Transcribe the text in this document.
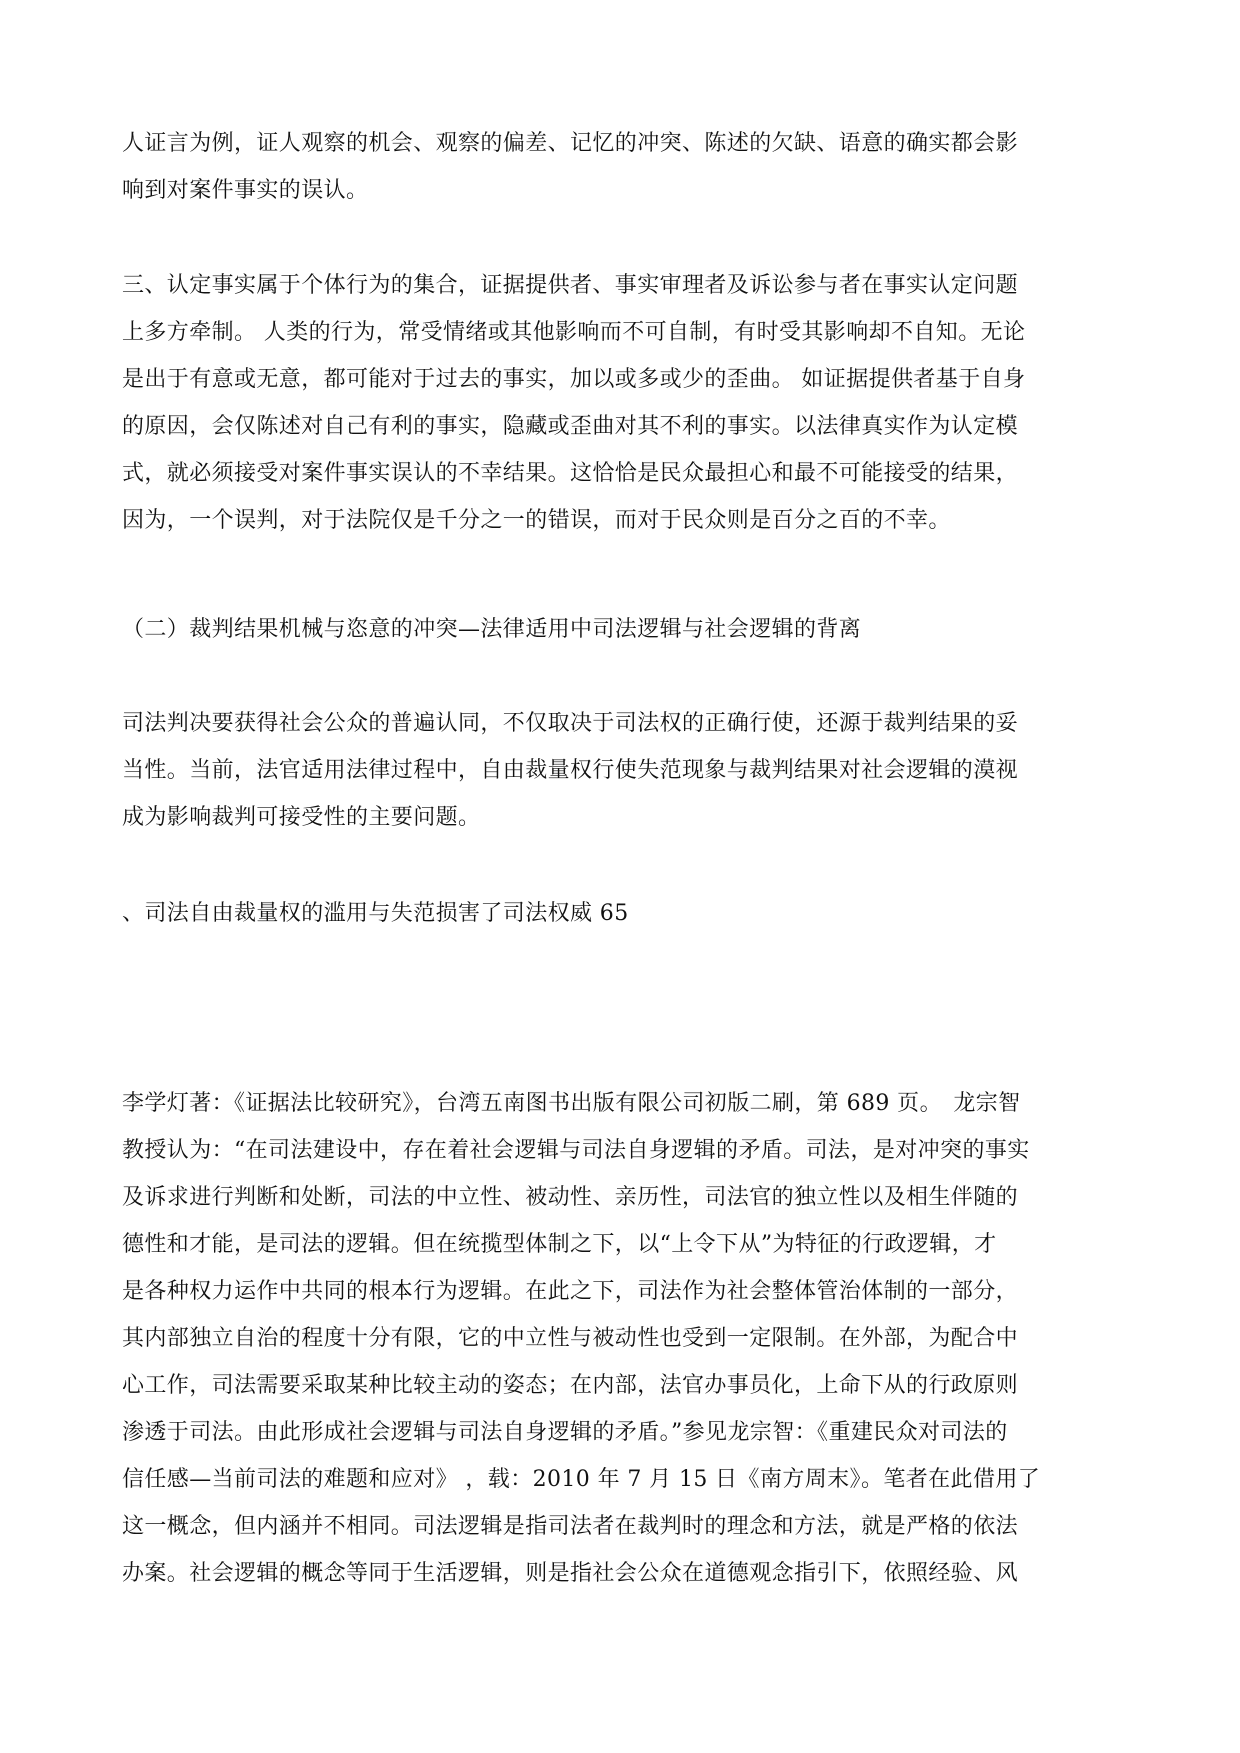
人证言为例，证人观察的机会、观察的偏差、记忆的冲突、陈述的欠缺、语意的确实都会影
响到对案件事实的误认。
三、认定事实属于个体行为的集合，证据提供者、事实审理者及诉讼参与者在事实认定问题
上多方牵制。 人类的行为，常受情绪或其他影响而不可自制，有时受其影响却不自知。无论
是出于有意或无意，都可能对于过去的事实，加以或多或少的歪曲。 如证据提供者基于自身
的原因，会仅陈述对自己有利的事实，隐藏或歪曲对其不利的事实。以法律真实作为认定模
式，就必须接受对案件事实误认的不幸结果。这恰恰是民众最担心和最不可能接受的结果，
因为，一个误判，对于法院仅是千分之一的错误，而对于民众则是百分之百的不幸。
（二）裁判结果机械与恣意的冲突—法律适用中司法逻辑与社会逻辑的背离
司法判决要获得社会公众的普遍认同，不仅取决于司法权的正确行使，还源于裁判结果的妥
当性。当前，法官适用法律过程中，自由裁量权行使失范现象与裁判结果对社会逻辑的漠视
成为影响裁判可接受性的主要问题。
、司法自由裁量权的滥用与失范损害了司法权威 65
李学灯著：《证据法比较研究》，台湾五南图书出版有限公司初版二刷，第 689 页。　龙宗智
教授认为：“在司法建设中，存在着社会逻辑与司法自身逻辑的矛盾。司法，是对冲突的事实
及诉求进行判断和处断，司法的中立性、被动性、亲历性，司法官的独立性以及相生伴随的
德性和才能，是司法的逻辑。但在统揽型体制之下，以“上令下从”为特征的行政逻辑，才
是各种权力运作中共同的根本行为逻辑。在此之下，司法作为社会整体管治体制的一部分，
其内部独立自治的程度十分有限，它的中立性与被动性也受到一定限制。在外部，为配合中
心工作，司法需要采取某种比较主动的姿态；在内部，法官办事员化，上命下从的行政原则
渗透于司法。由此形成社会逻辑与司法自身逻辑的矛盾。”参见龙宗智：《重建民众对司法的
信任感—当前司法的难题和应对》 ，载：2010 年 7 月 15 日《南方周末》。笔者在此借用了
这一概念，但内涵并不相同。司法逻辑是指司法者在裁判时的理念和方法，就是严格的依法
办案。社会逻辑的概念等同于生活逻辑，则是指社会公众在道德观念指引下，依照经验、风
